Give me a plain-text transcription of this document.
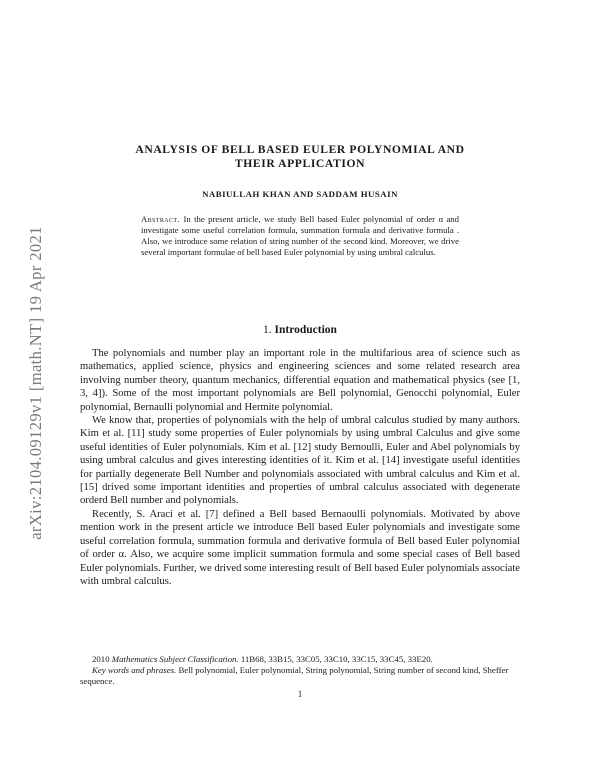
arXiv:2104.09129v1 [math.NT] 19 Apr 2021
ANALYSIS OF BELL BASED EULER POLYNOMIAL AND
THEIR APPLICATION
NABIULLAH KHAN AND SADDAM HUSAIN
Abstract. In the present article, we study Bell based Euler polynomial of order α and investigate some useful correlation formula, summation formula and derivative formula . Also, we introduce some relation of string number of the second kind. Moreover, we drive several important formulae of bell based Euler polynomial by using umbral calculus.
1. Introduction

The polynomials and number play an important role in the multifarious area of science such as mathematics, applied science, physics and engineering sciences and some related research area involving number theory, quantum mechanics, differential equation and mathematical physics (see [1, 3, 4]). Some of the most important polynomials are Bell polynomial, Genocchi polynomial, Euler polynomial, Bernaulli polynomial and Hermite polynomial.

We know that, properties of polynomials with the help of umbral calculus studied by many authors. Kim et al. [11] study some properties of Euler polynomials by using umbral Calculus and give some useful identities of Euler polynomials. Kim et al. [12] study Bernoulli, Euler and Abel polynomials by using umbral calculus and gives interesting identities of it. Kim et al. [14] investigate useful identities for partially degenerate Bell Number and polynomials associated with umbral calculus and Kim et al. [15] drived some important identities and properties of umbral calculus associated with degenerate orderd Bell number and polynomials.

Recently, S. Araci et al. [7] defined a Bell based Bernaoulli polynomials. Motivated by above mention work in the present article we introduce Bell based Euler polynomials and investigate some useful correlation formula, summation formula and derivative formula of Bell based Euler polynomial of order α. Also, we acquire some implicit summation formula and some special cases of Bell based Euler polynomials. Further, we drived some interesting result of Bell based Euler polynomials associate with umbral calculus.

2010 Mathematics Subject Classification. 11B68, 33B15, 33C05, 33C10, 33C15, 33C45, 33E20.

Key words and phrases. Bell polynomial, Euler polynomial, String polynomial, String number of second kind, Sheffer sequence.

1
